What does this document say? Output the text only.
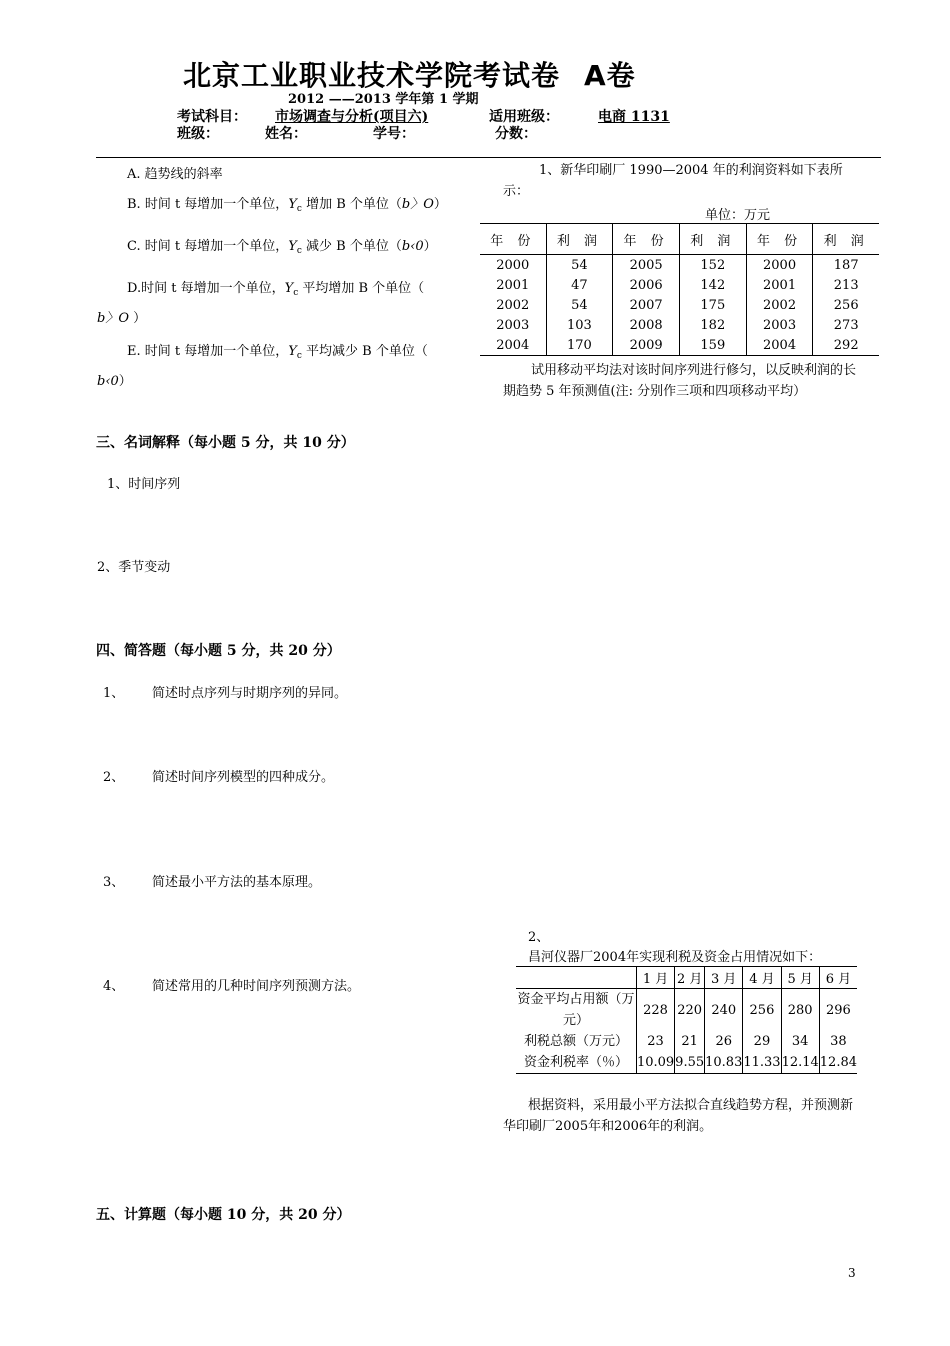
北京工业职业技术学院考试卷 A卷
2012 ——2013 学年第 1 学期
考试科目： 市场调查与分析(项目六)	适用班级：	电商 1131
班级：	姓名：	学号：	分数：
A. 趋势线的斜率
B. 时间 t 每增加一个单位，$Y_c$ 增加 B 个单位（b〉O）
C. 时间 t 每增加一个单位，$Y_c$ 减少 B 个单位（b‹0）
D.时间 t 每增加一个单位，$Y_c$ 平均增加 B 个单位（
b〉O ）
E. 时间 t 每增加一个单位，$Y_c$ 平均减少 B 个单位（
b‹0）
1、新华印刷厂 1990—2004 年的利润资料如下表所示：
单位：万元
年 份	利 润	年 份	利 润	年 份	利 润
2000	54	2005	152	2000	187
2001	47	2006	142	2001	213
2002	54	2007	175	2002	256
2003	103	2008	182	2003	273
2004	170	2009	159	2004	292
试用移动平均法对该时间序列进行修匀，以反映利润的长期趋势 5 年预测值(注: 分别作三项和四项移动平均）
三、名词解释（每小题 5 分，共 10 分）
1、时间序列
2、季节变动
四、简答题（每小题 5 分，共 20 分）
1、 简述时点序列与时期序列的异同。
2、 简述时间序列模型的四种成分。
3、 简述最小平方法的基本原理。
4、 简述常用的几种时间序列预测方法。
2、
昌河仪器厂2004年实现利税及资金占用情况如下：
	1 月	2 月	3 月	4 月	5 月	6 月
资金平均占用额（万元）	228	220	240	256	280	296
利税总额（万元）	23	21	26	29	34	38
资金利税率（％）	10.09	9.55	10.83	11.33	12.14	12.84
根据资料，采用最小平方法拟合直线趋势方程，并预测新华印刷厂2005年和2006年的利润。
五、计算题（每小题 10 分，共 20 分）
3
